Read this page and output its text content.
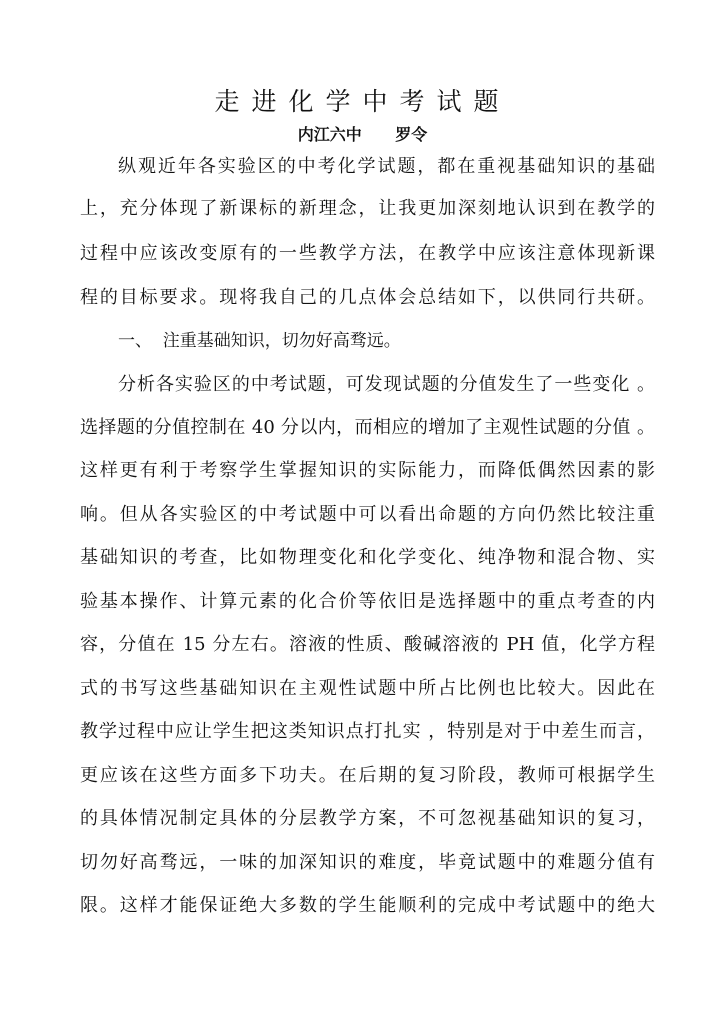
走进化学中考试题
内江六中      罗令
纵观近年各实验区的中考化学试题，都在重视基础知识的基础
上，充分体现了新课标的新理念，让我更加深刻地认识到在教学的
过程中应该改变原有的一些教学方法，在教学中应该注意体现新课
程的目标要求。现将我自己的几点体会总结如下，以供同行共研。
一、  注重基础知识，切勿好高骛远。
分析各实验区的中考试题，可发现试题的分值发生了一些变化 。
选择题的分值控制在 40 分以内，而相应的增加了主观性试题的分值 。
这样更有利于考察学生掌握知识的实际能力，而降低偶然因素的影
响。但从各实验区的中考试题中可以看出命题的方向仍然比较注重
基础知识的考查，比如物理变化和化学变化、纯净物和混合物、实
验基本操作、计算元素的化合价等依旧是选择题中的重点考查的内
容，分值在 15 分左右。溶液的性质、酸碱溶液的 PH 值，化学方程
式的书写这些基础知识在主观性试题中所占比例也比较大。因此在
教学过程中应让学生把这类知识点打扎实 ，特别是对于中差生而言，
更应该在这些方面多下功夫。在后期的复习阶段，教师可根据学生
的具体情况制定具体的分层教学方案，不可忽视基础知识的复习，
切勿好高骛远，一味的加深知识的难度，毕竟试题中的难题分值有
限。这样才能保证绝大多数的学生能顺利的完成中考试题中的绝大
